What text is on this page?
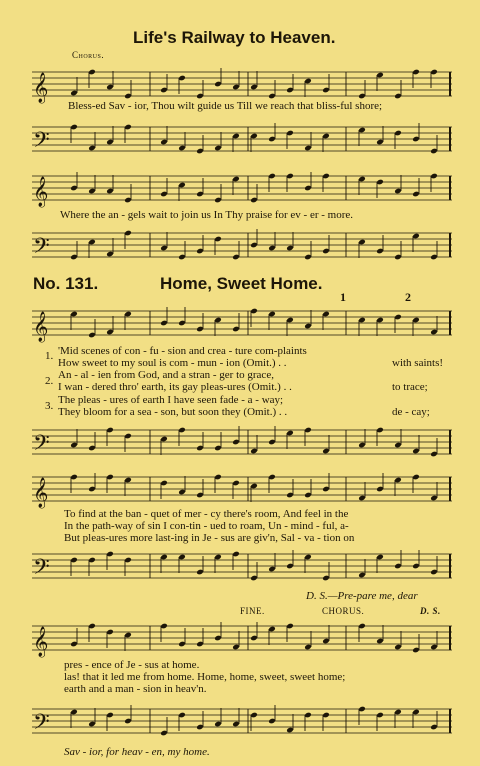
Life's Railway to Heaven.
Chorus.
𝄞
Bless-ed Sav - ior, Thou wilt guide us Till we reach that bliss-ful shore;
𝄢
𝄞
Where the an - gels wait to join us In Thy praise for ev - er - more.
𝄢
No. 131.	Home, Sweet Home.
1	2
𝄞
1. 'Mid scenes of con - fu - sion and crea - ture com-plaints
How sweet to my soul is com - mun - ion (Omit.) . .	with saints!
2. An - al - ien from God, and a stran - ger to grace,
I wan - dered thro' earth, its gay pleas-ures (Omit.) . .	to trace;
3. The pleas - ures of earth I have seen fade - a - way;
They bloom for a sea - son, but soon they (Omit.) . .	de - cay;
𝄢
𝄞
To find at the ban - quet of mer - cy there's room, And feel in the
In the path-way of sin I con-tin - ued to roam, Un - mind - ful, a-
But pleas-ures more last-ing in Je - sus are giv'n, Sal - va - tion on
𝄢
D. S.—Pre-pare me, dear
FINE.	CHORUS.	D. S.
𝄞
pres - ence of Je - sus at home.
las! that it led me from home. Home, home, sweet, sweet home;
earth and a man - sion in heav'n.
𝄢
Sav - ior, for heav - en, my home.
